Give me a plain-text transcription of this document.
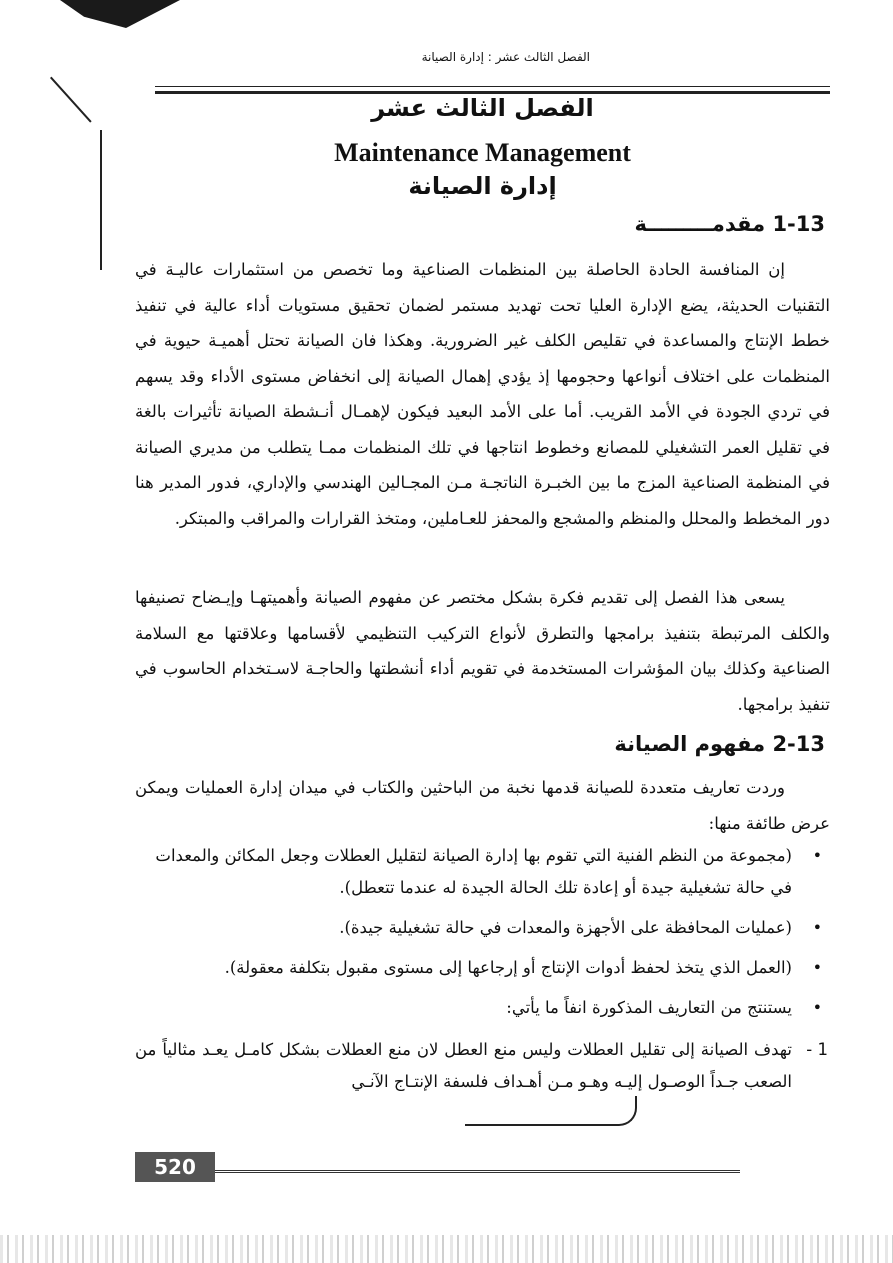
الفصل الثالث عشر : إدارة الصيانة
الفصل الثالث عشر
Maintenance Management
إدارة الصيانة
1-13 مقدمـــــــــة

إن المنافسة الحادة الحاصلة بين المنظمات الصناعية وما تخصص من استثمارات عاليـة في التقنيات الحديثة، يضع الإدارة العليا تحت تهديد مستمر لضمان تحقيق مستويات أداء عالية في تنفيذ خطط الإنتاج والمساعدة في تقليص الكلف غير الضرورية. وهكذا فان الصيانة تحتل أهميـة حيوية في المنظمات على اختلاف أنواعها وحجومها إذ يؤدي إهمال الصيانة إلى انخفاض مستوى الأداء وقد يسهم في تردي الجودة في الأمد القريب. أما على الأمد البعيد فيكون لإهمـال أنـشطة الصيانة تأثيرات بالغة في تقليل العمر التشغيلي للمصانع وخطوط انتاجها في تلك المنظمات ممـا يتطلب من مديري الصيانة في المنظمة الصناعية المزج ما بين الخبـرة الناتجـة مـن المجـالين الهندسي والإداري، فدور المدير هنا دور المخطط والمحلل والمنظم والمشجع والمحفز للعـاملين، ومتخذ القرارات والمراقب والمبتكر.

يسعى هذا الفصل إلى تقديم فكرة بشكل مختصر عن مفهوم الصيانة وأهميتهـا وإيـضاح تصنيفها والكلف المرتبطة بتنفيذ برامجها والتطرق لأنواع التركيب التنظيمي لأقسامها وعلاقتها مع السلامة الصناعية وكذلك بيان المؤشرات المستخدمة في تقويم أداء أنشطتها والحاجـة لاسـتخدام الحاسوب في تنفيذ برامجها.

2-13 مفهوم الصيانة

وردت تعاريف متعددة للصيانة قدمها نخبة من الباحثين والكتاب في ميدان إدارة العمليات ويمكن عرض طائفة منها:

•
(مجموعة من النظم الفنية التي تقوم بها إدارة الصيانة لتقليل العطلات وجعل المكائن والمعدات في حالة تشغيلية جيدة أو إعادة تلك الحالة الجيدة له عندما تتعطل).
•
(عمليات المحافظة على الأجهزة والمعدات في حالة تشغيلية جيدة).
•
(العمل الذي يتخذ لحفظ أدوات الإنتاج أو إرجاعها إلى مستوى مقبول بتكلفة معقولة).
•
يستنتج من التعاريف المذكورة انفاً ما يأتي:
1 -
تهدف الصيانة إلى تقليل العطلات وليس منع العطل لان منع العطلات بشكل كامـل يعـد مثالياً من الصعب جـداً الوصـول إليـه وهـو مـن أهـداف فلسفة الإنتـاج الآنـي
520
